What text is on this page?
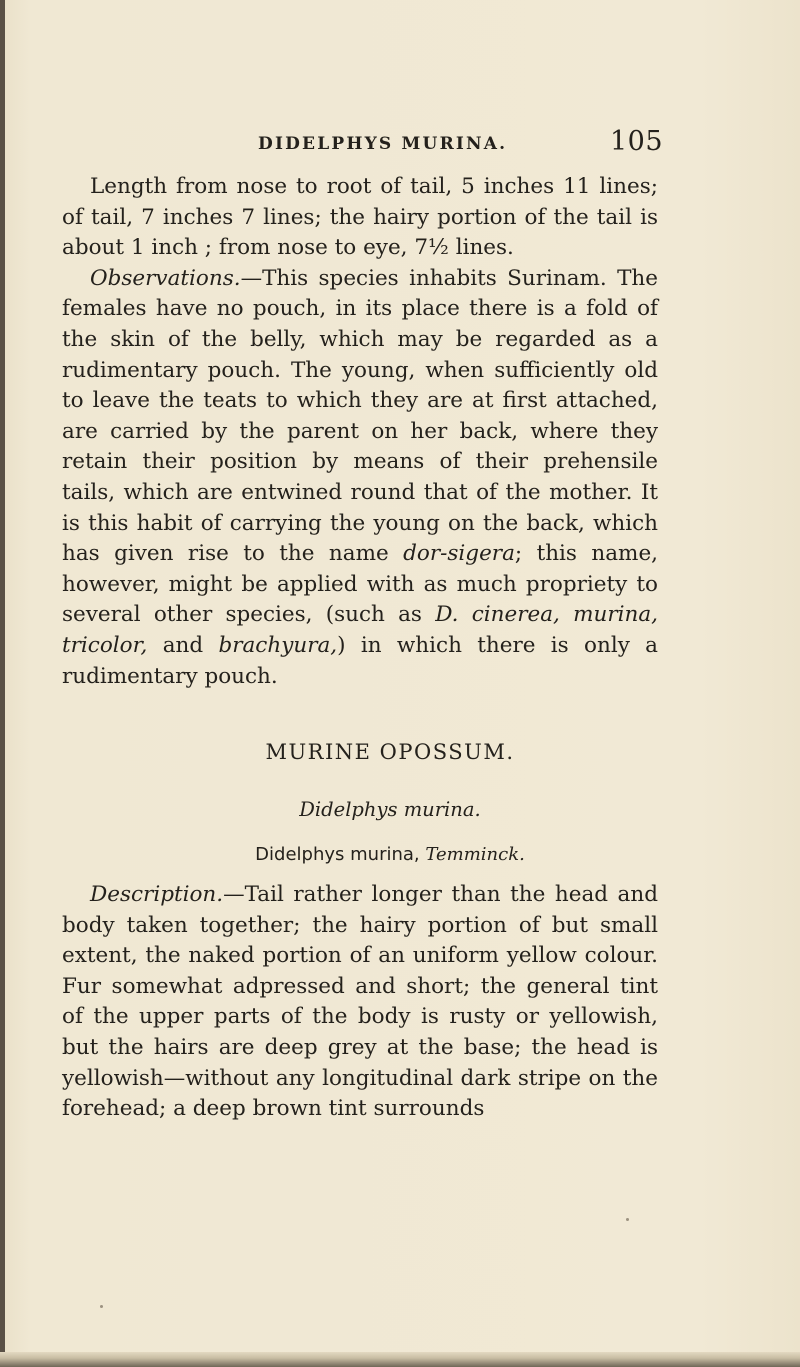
DIDELPHYS MURINA.	105

Length from nose to root of tail, 5 inches 11 lines; of tail, 7 inches 7 lines; the hairy portion of the tail is about 1 inch ; from nose to eye, 7½ lines.

Observations.—This species inhabits Surinam. The females have no pouch, in its place there is a fold of the skin of the belly, which may be regarded as a rudimentary pouch. The young, when sufficiently old to leave the teats to which they are at first attached, are carried by the parent on her back, where they retain their position by means of their prehensile tails, which are entwined round that of the mother. It is this habit of carrying the young on the back, which has given rise to the name dor-sigera; this name, however, might be applied with as much propriety to several other species, (such as D. cinerea, murina, tricolor, and brachyura,) in which there is only a rudimentary pouch.

MURINE OPOSSUM.

Didelphys murina.

Didelphys murina, Temminck.

Description.—Tail rather longer than the head and body taken together; the hairy portion of but small extent, the naked portion of an uniform yellow colour. Fur somewhat adpressed and short; the general tint of the upper parts of the body is rusty or yellowish, but the hairs are deep grey at the base; the head is yellowish—without any longitudinal dark stripe on the forehead; a deep brown tint surrounds
